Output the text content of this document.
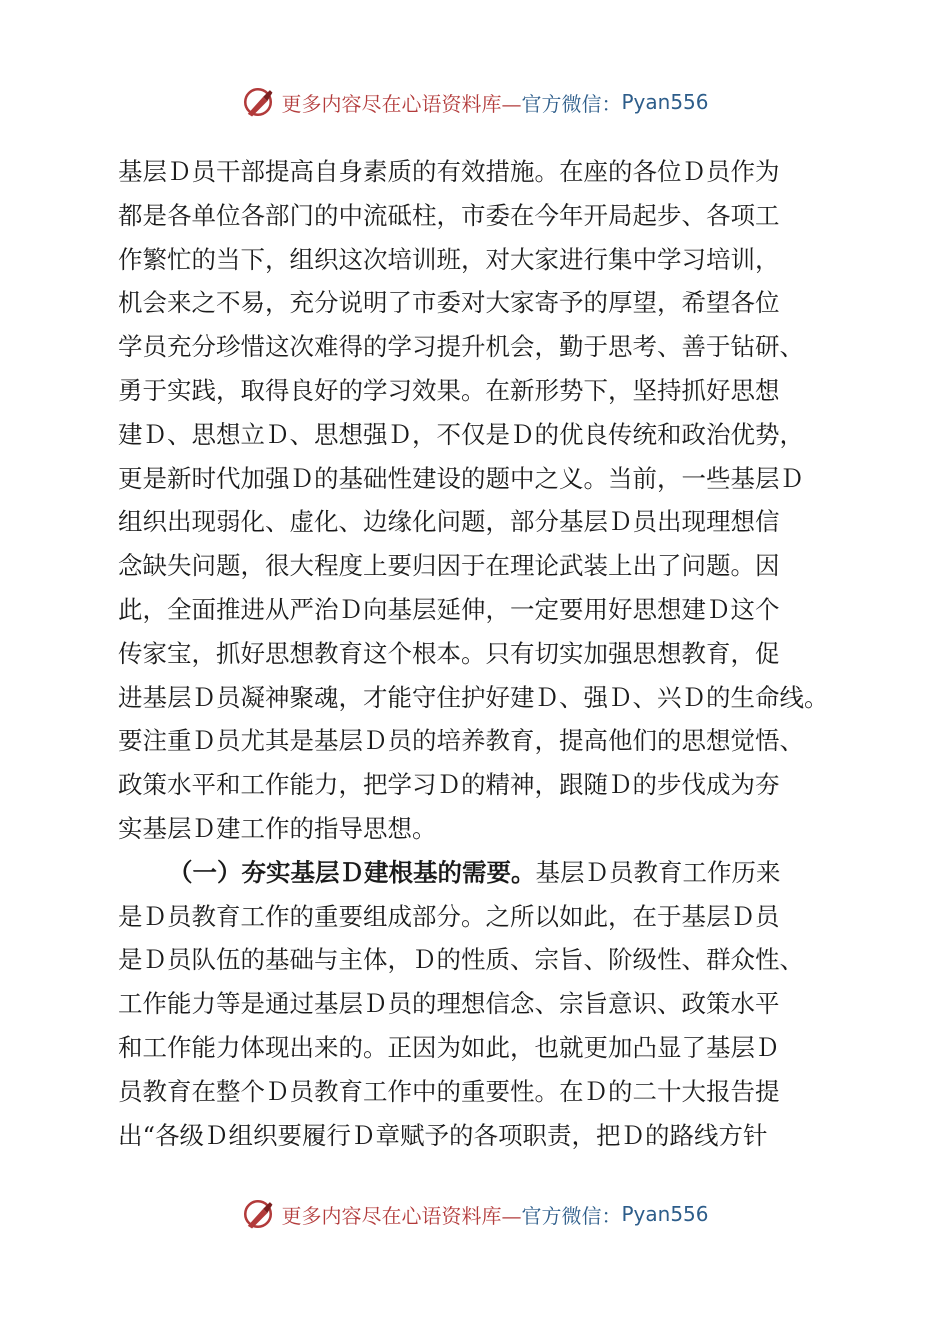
更多内容尽在心语资料库— 官方微信： Pyan556
基层Ｄ员干部提高自身素质的有效措施。在座的各位Ｄ员作为
都是各单位各部门的中流砥柱，市委在今年开局起步、各项工
作繁忙的当下，组织这次培训班，对大家进行集中学习培训，
机会来之不易，充分说明了市委对大家寄予的厚望，希望各位
学员充分珍惜这次难得的学习提升机会，勤于思考、善于钻研、
勇于实践，取得良好的学习效果。在新形势下，坚持抓好思想
建Ｄ、思想立Ｄ、思想强Ｄ，不仅是Ｄ的优良传统和政治优势，
更是新时代加强Ｄ的基础性建设的题中之义。当前，一些基层Ｄ
组织出现弱化、虚化、边缘化问题，部分基层Ｄ员出现理想信
念缺失问题，很大程度上要归因于在理论武装上出了问题。因
此，全面推进从严治Ｄ向基层延伸，一定要用好思想建Ｄ这个
传家宝，抓好思想教育这个根本。只有切实加强思想教育，促
进基层Ｄ员凝神聚魂，才能守住护好建Ｄ、强Ｄ、兴Ｄ的生命线。
要注重Ｄ员尤其是基层Ｄ员的培养教育，提高他们的思想觉悟、
政策水平和工作能力，把学习Ｄ的精神，跟随Ｄ的步伐成为夯
实基层Ｄ建工作的指导思想。
（一）夯实基层Ｄ建根基的需要。基层Ｄ员教育工作历来
是Ｄ员教育工作的重要组成部分。之所以如此，在于基层Ｄ员
是Ｄ员队伍的基础与主体，Ｄ的性质、宗旨、阶级性、群众性、
工作能力等是通过基层Ｄ员的理想信念、宗旨意识、政策水平
和工作能力体现出来的。正因为如此，也就更加凸显了基层Ｄ
员教育在整个Ｄ员教育工作中的重要性。在Ｄ的二十大报告提
出“各级Ｄ组织要履行Ｄ章赋予的各项职责，把Ｄ的路线方针
更多内容尽在心语资料库— 官方微信： Pyan556
